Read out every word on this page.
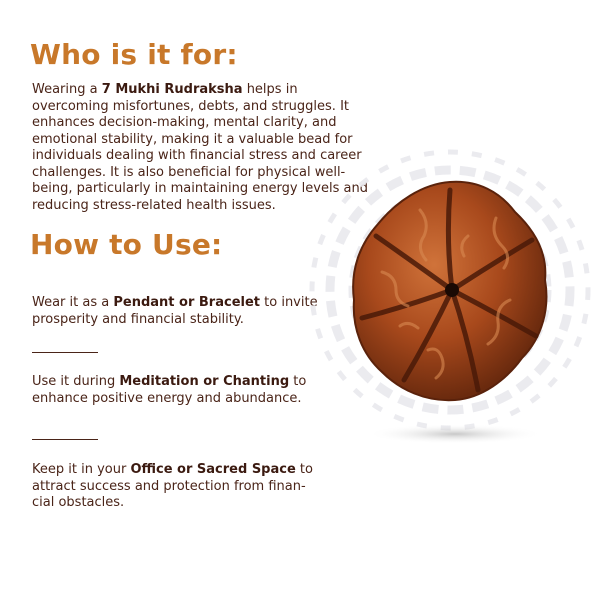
Who is it for:

Wearing a 7 Mukhi Rudraksha helps in overcoming misfortunes, debts, and struggles. It enhances decision-making, mental clarity, and emotional stability, making it a valuable bead for individuals dealing with financial stress and career challenges. It is also beneficial for physical well-being, particularly in maintaining energy levels and reducing stress-related health issues.

How to Use:

Wear it as a Pendant or Bracelet to invite prosperity and financial stability.

Use it during Meditation or Chanting to enhance positive energy and abundance.

Keep it in your Office or Sacred Space to attract success and protection from finan-cial obstacles.
